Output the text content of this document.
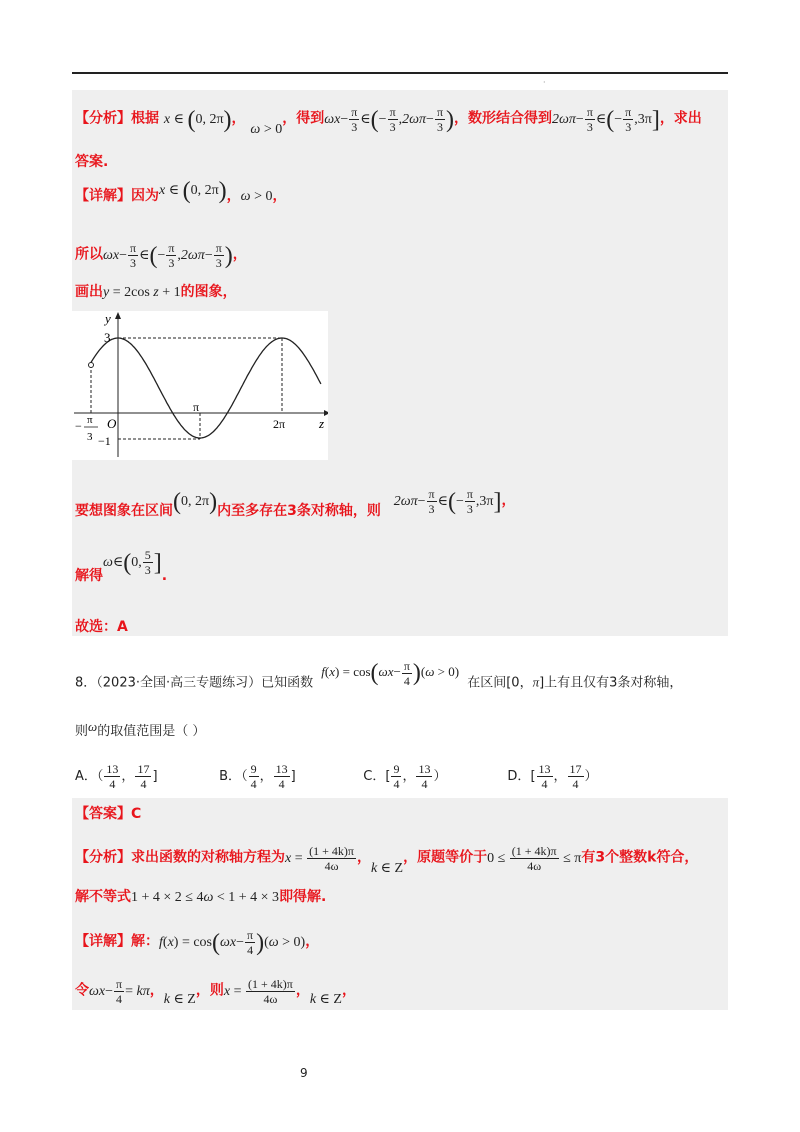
·
【分析】根据 x ∈ (0, 2π)， ω > 0，得到$\omega x- \frac{\pi}{3}$ ∈(− $\frac{\pi}{3} ,2\omega\pi- \frac{\pi}{3}$ )，数形结合得到$2\omega\pi- \frac{\pi}{3}$ ∈(− $\frac{\pi}{3} ,3\pi$]，求出
答案.
【详解】因为x ∈ (0, 2π)，ω > 0，
所以$\omega x- \frac{\pi}{3}$ ∈(− $\frac{\pi}{3} ,2\omega\pi- \frac{\pi}{3}$ )，
画出y = 2cos z + 1的图象，
y
3
O
−1
π
2π	z
− π
3
要想图象在区间(0, 2π)内至多存在3条对称轴，则 $2\omega\pi- \frac{\pi}{3}$ ∈(− $\frac{\pi}{3} ,3\pi$]，
解得ω∈(0, $\frac{5}{3}$ ].
故选：A
8．（2023·全国·高三专题练习）已知函数 $f(x) = \cos(\omega x- \frac{\pi}{4} )(\omega > 0)$ 在区间[0，π]上有且仅有3条对称轴，
则ω的取值范围是（ ）
A．（ $\frac{13}{4}$ ， $\frac{17}{4}$ ]	B．（ $\frac{9}{4}$ ， $\frac{13}{4}$ ]	C．[ $\frac{9}{4}$ ， $\frac{13}{4}$ ）	D．[ $\frac{13}{4}$ ， $\frac{17}{4}$ ）
【答案】C
【分析】求出函数的对称轴方程为$x = \frac{(1 + 4k)\pi}{4\omega}$ ，k ∈ Z，原题等价于$0 \le \frac{(1 + 4k)\pi}{4\omega} \le \pi$有3个整数k符合，
解不等式1 + 4 × 2 ≤ 4ω < 1 + 4 × 3即得解.
【详解】解：$f(x) = \cos(\omega x- \frac{\pi}{4} )(\omega > 0)$，
令$\omega x- \frac{\pi}{4} = k\pi$，k ∈ Z，则$x = \frac{(1 + 4k)\pi}{4\omega}$ ，k ∈ Z，
9
